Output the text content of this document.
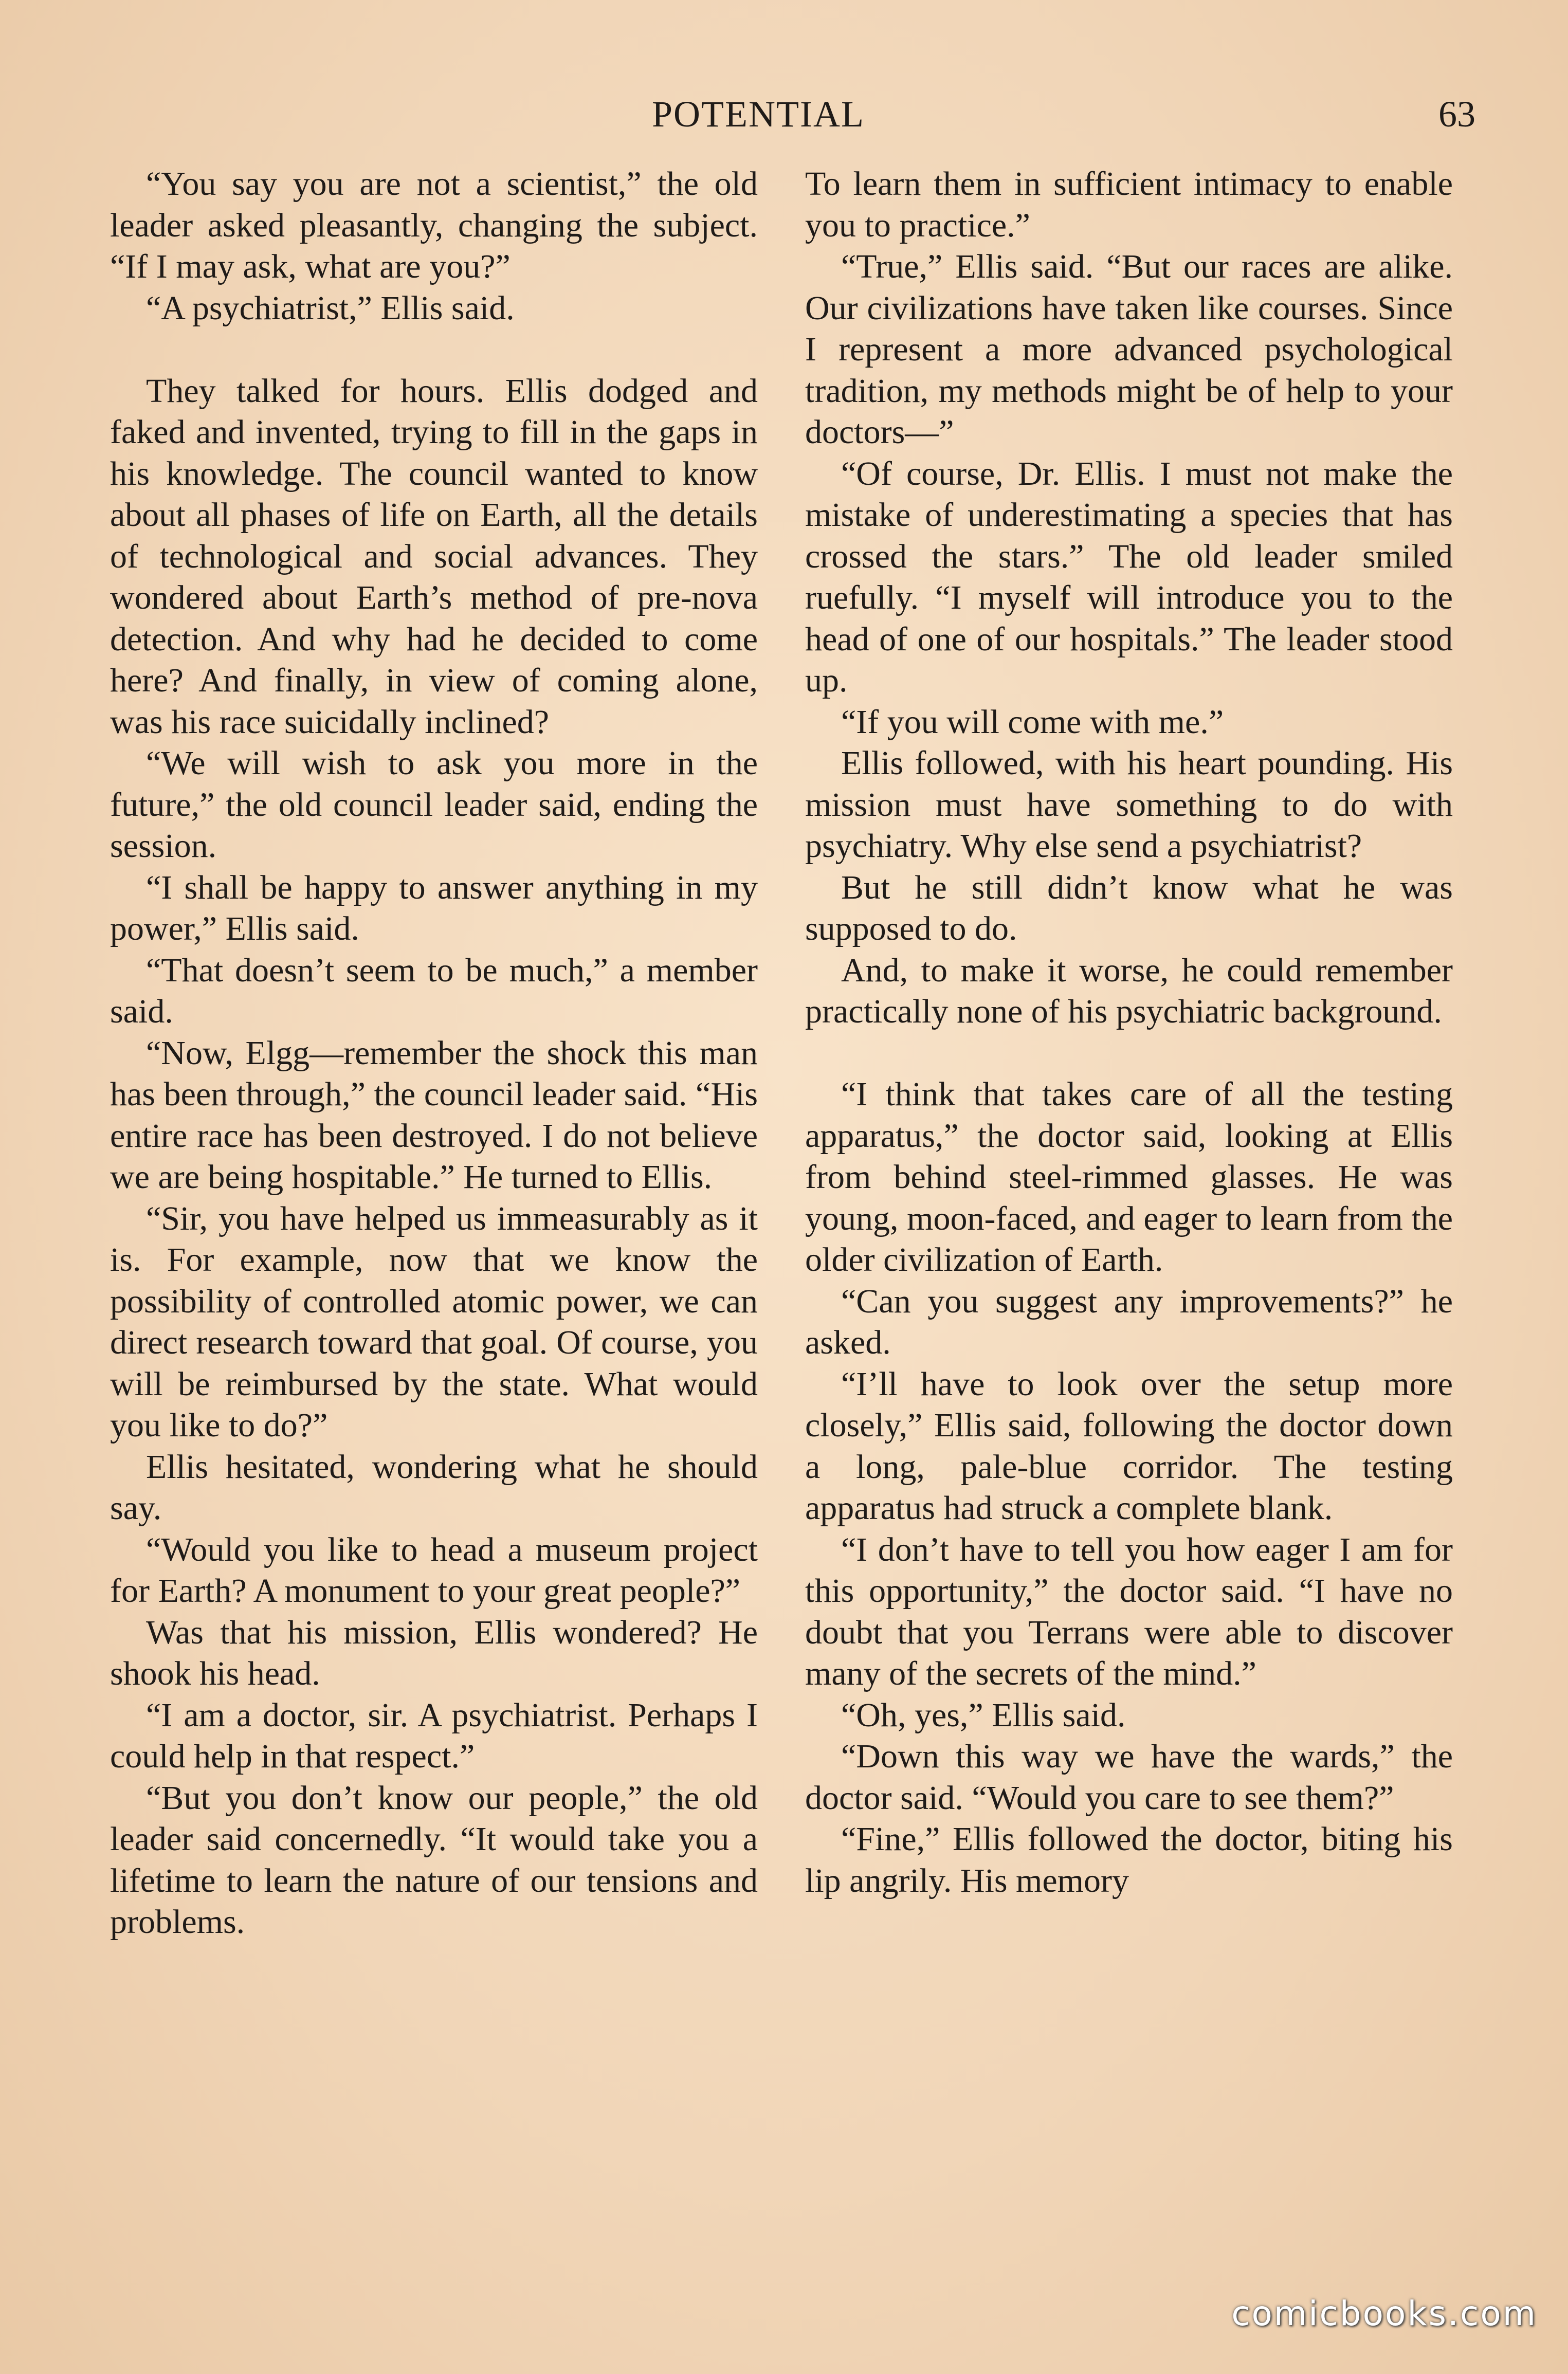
POTENTIAL	63

“You say you are not a scientist,” the old leader asked pleasantly, changing the subject. “If I may ask, what are you?”

“A psychiatrist,” Ellis said.

They talked for hours. Ellis dodged and faked and invented, trying to fill in the gaps in his knowledge. The council wanted to know about all phases of life on Earth, all the details of technological and social advances. They wondered about Earth’s method of pre-nova detection. And why had he decided to come here? And finally, in view of coming alone, was his race suicidally inclined?

“We will wish to ask you more in the future,” the old council leader said, ending the session.

“I shall be happy to answer anything in my power,” Ellis said.

“That doesn’t seem to be much,” a member said.

“Now, Elgg—remember the shock this man has been through,” the council leader said. “His entire race has been destroyed. I do not believe we are being hospitable.” He turned to Ellis.

“Sir, you have helped us immeasurably as it is. For example, now that we know the possibility of controlled atomic power, we can direct research toward that goal. Of course, you will be reimbursed by the state. What would you like to do?”

Ellis hesitated, wondering what he should say.

“Would you like to head a museum project for Earth? A monument to your great people?”

Was that his mission, Ellis wondered? He shook his head.

“I am a doctor, sir. A psychiatrist. Perhaps I could help in that respect.”

“But you don’t know our people,” the old leader said concernedly. “It would take you a lifetime to learn the nature of our tensions and problems.

To learn them in sufficient intimacy to enable you to practice.”

“True,” Ellis said. “But our races are alike. Our civilizations have taken like courses. Since I represent a more advanced psychological tradition, my methods might be of help to your doctors—”

“Of course, Dr. Ellis. I must not make the mistake of underestimating a species that has crossed the stars.” The old leader smiled ruefully. “I myself will introduce you to the head of one of our hospitals.” The leader stood up.

“If you will come with me.”

Ellis followed, with his heart pounding. His mission must have something to do with psychiatry. Why else send a psychiatrist?

But he still didn’t know what he was supposed to do.

And, to make it worse, he could remember practically none of his psychiatric background.

“I think that takes care of all the testing apparatus,” the doctor said, looking at Ellis from behind steel-rimmed glasses. He was young, moon-faced, and eager to learn from the older civilization of Earth.

“Can you suggest any improvements?” he asked.

“I’ll have to look over the setup more closely,” Ellis said, following the doctor down a long, pale-blue corridor. The testing apparatus had struck a complete blank.

“I don’t have to tell you how eager I am for this opportunity,” the doctor said. “I have no doubt that you Terrans were able to discover many of the secrets of the mind.”

“Oh, yes,” Ellis said.

“Down this way we have the wards,” the doctor said. “Would you care to see them?”

“Fine,” Ellis followed the doctor, biting his lip angrily. His memory

comicbooks.com
